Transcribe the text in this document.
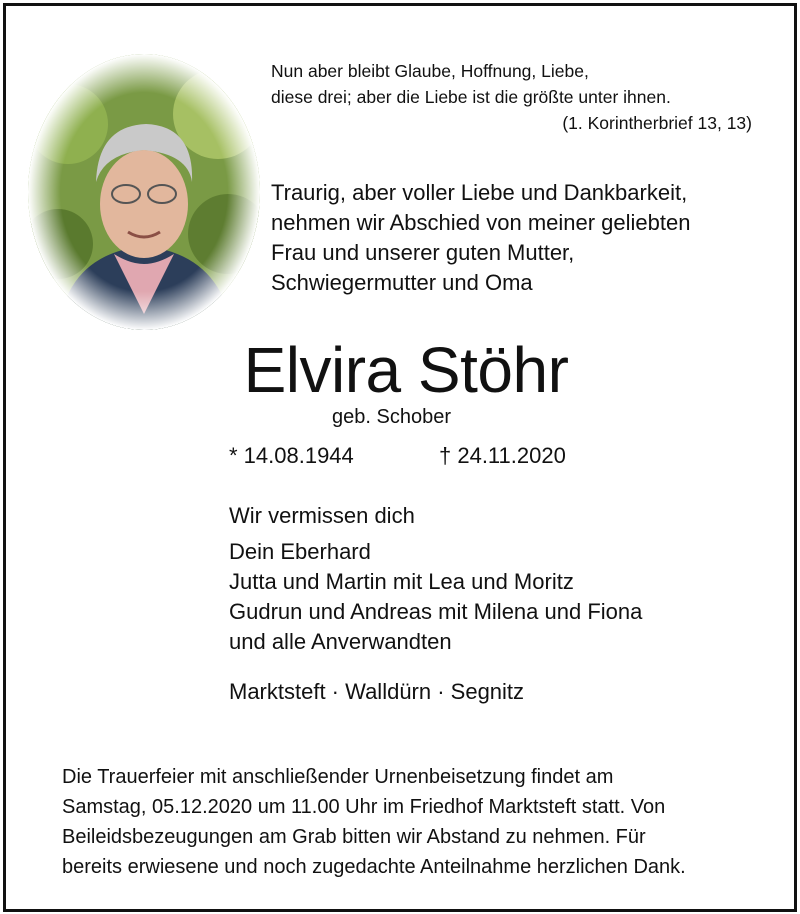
Nun aber bleibt Glaube, Hoffnung, Liebe,
diese drei; aber die Liebe ist die größte unter ihnen.
(1. Korintherbrief 13, 13)
Traurig, aber voller Liebe und Dankbarkeit,
nehmen wir Abschied von meiner geliebten
Frau und unserer guten Mutter,
Schwiegermutter und Oma
Elvira Stöhr
geb. Schober
* 14.08.1944	† 24.11.2020
Wir vermissen dich
Dein Eberhard
Jutta und Martin mit Lea und Moritz
Gudrun und Andreas mit Milena und Fiona
und alle Anverwandten
Marktsteft · Walldürn · Segnitz
Die Trauerfeier mit anschließender Urnenbeisetzung findet am
Samstag, 05.12.2020 um 11.00 Uhr im Friedhof Marktsteft statt. Von
Beileidsbezeugungen am Grab bitten wir Abstand zu nehmen. Für
bereits erwiesene und noch zugedachte Anteilnahme herzlichen Dank.
